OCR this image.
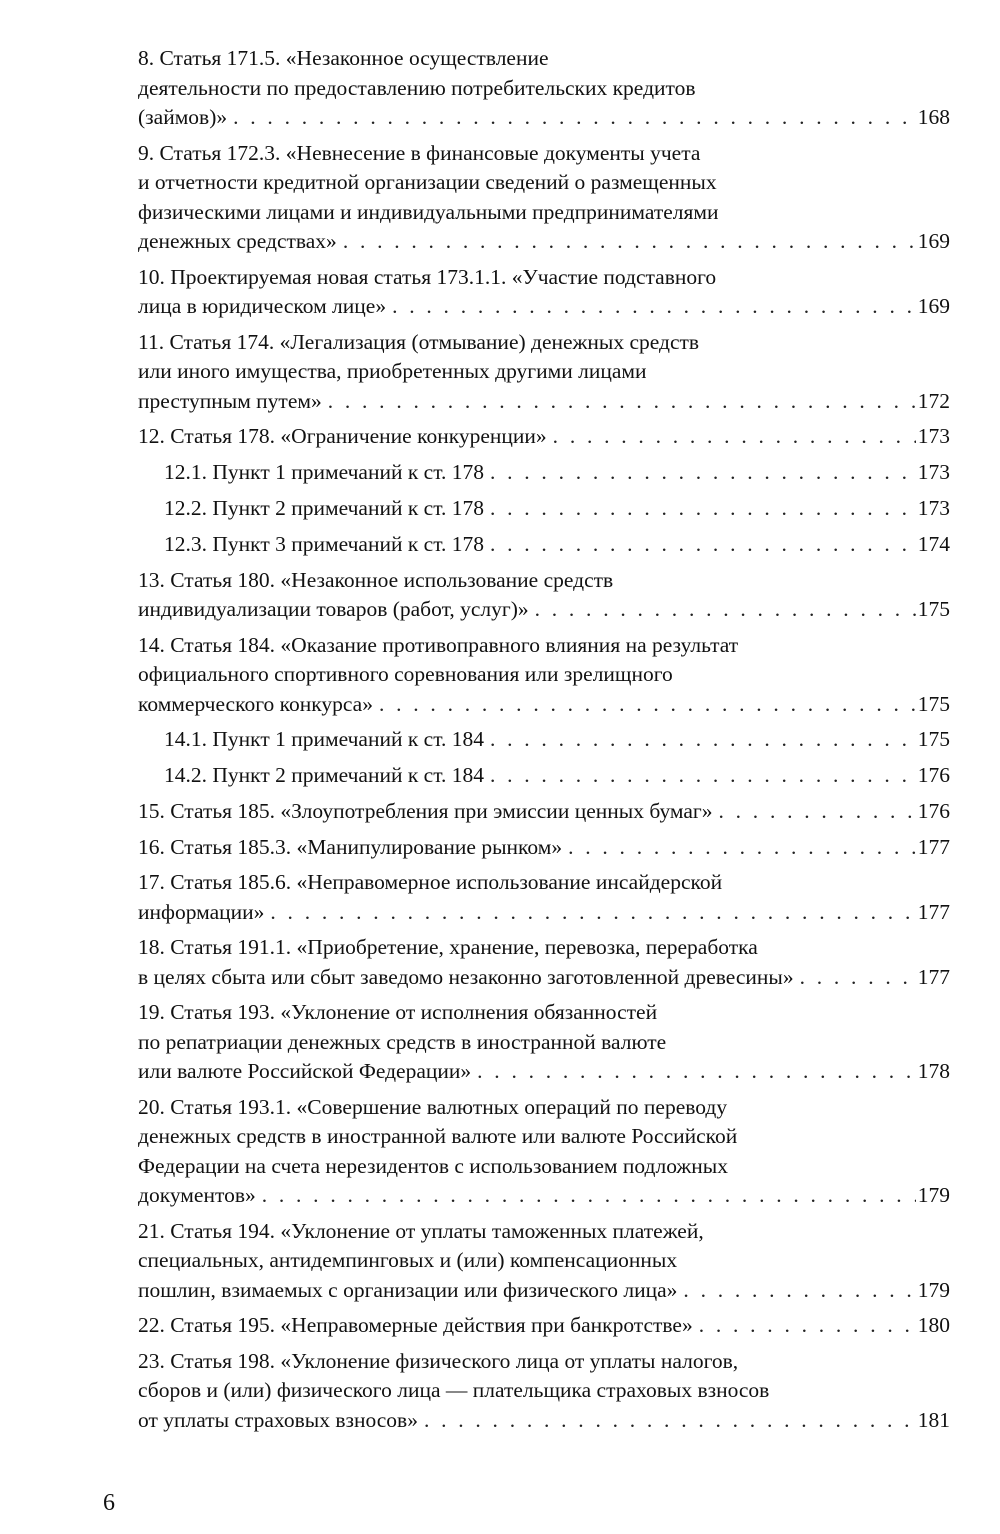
8. Статья 171.5. «Незаконное осуществление
деятельности по предоставлению потребительских кредитов
(займов)» . . .	168
9. Статья 172.3. «Невнесение в финансовые документы учета
и отчетности кредитной организации сведений о размещенных
физическими лицами и индивидуальными предпринимателями
денежных средствах» . . .	169
10. Проектируемая новая статья 173.1.1. «Участие подставного
лица в юридическом лице» . . .	169
11. Статья 174. «Легализация (отмывание) денежных средств
или иного имущества, приобретенных другими лицами
преступным путем» . . .	172
12. Статья 178. «Ограничение конкуренции» . . .	173
12.1. Пункт 1 примечаний к ст. 178 . . .	173
12.2. Пункт 2 примечаний к ст. 178 . . .	173
12.3. Пункт 3 примечаний к ст. 178 . . .	174
13. Статья 180. «Незаконное использование средств
индивидуализации товаров (работ, услуг)» . . .	175
14. Статья 184. «Оказание противоправного влияния на результат
официального спортивного соревнования или зрелищного
коммерческого конкурса» . . .	175
14.1. Пункт 1 примечаний к ст. 184 . . .	175
14.2. Пункт 2 примечаний к ст. 184 . . .	176
15. Статья 185. «Злоупотребления при эмиссии ценных бумаг» . . .	176
16. Статья 185.3. «Манипулирование рынком» . . .	177
17. Статья 185.6. «Неправомерное использование инсайдерской
информации» . . .	177
18. Статья 191.1. «Приобретение, хранение, перевозка, переработка
в целях сбыта или сбыт заведомо незаконно заготовленной древесины» . . .	177
19. Статья 193. «Уклонение от исполнения обязанностей
по репатриации денежных средств в иностранной валюте
или валюте Российской Федерации» . . .	178
20. Статья 193.1. «Совершение валютных операций по переводу
денежных средств в иностранной валюте или валюте Российской
Федерации на счета нерезидентов с использованием подложных
документов» . . .	179
21. Статья 194. «Уклонение от уплаты таможенных платежей,
специальных, антидемпинговых и (или) компенсационных
пошлин, взимаемых с организации или физического лица» . . .	179
22. Статья 195. «Неправомерные действия при банкротстве» . . .	180
23. Статья 198. «Уклонение физического лица от уплаты налогов,
сборов и (или) физического лица — плательщика страховых взносов
от уплаты страховых взносов» . . .	181
6
